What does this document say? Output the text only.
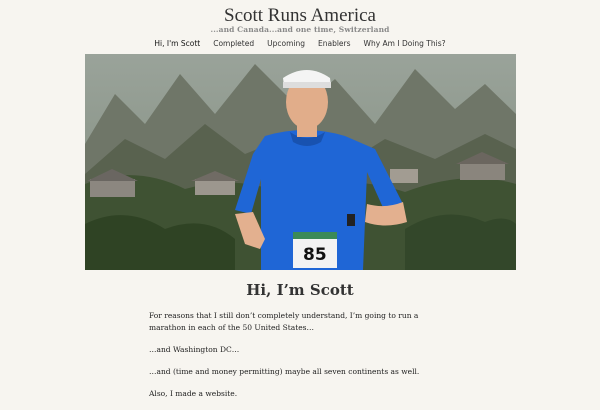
Scott Runs America
...and Canada...and one time, Switzerland
Hi, I'm Scott Completed Upcoming Enablers Why Am I Doing This?
85
Hi, I’m Scott

For reasons that I still don’t completely understand, I’m going to run a marathon in each of the 50 United States…

…and Washington DC…

…and (time and money permitting) maybe all seven continents as well.

Also, I made a website.
